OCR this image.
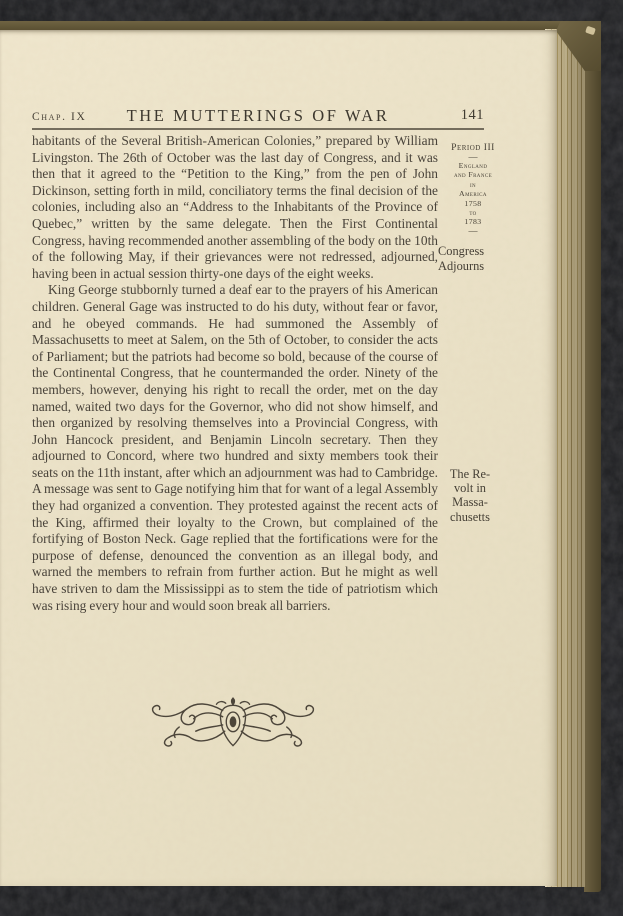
Chap. IX	THE MUTTERINGS OF WAR	141

habitants of the Several British-American Colonies,” prepared by William Livingston. The 26th of October was the last day of Congress, and it was then that it agreed to the “Petition to the King,” from the pen of John Dickinson, setting forth in mild, conciliatory terms the final decision of the colonies, including also an “Address to the Inhabitants of the Province of Quebec,” written by the same delegate. Then the First Continental Congress, having recommended another assembling of the body on the 10th of the following May, if their grievances were not redressed, adjourned, having been in actual session thirty-one days of the eight weeks.

King George stubbornly turned a deaf ear to the prayers of his American children. General Gage was instructed to do his duty, without fear or favor, and he obeyed commands. He had summoned the Assembly of Massachusetts to meet at Salem, on the 5th of October, to consider the acts of Parliament; but the patriots had become so bold, because of the course of the Continental Congress, that he countermanded the order. Ninety of the members, however, denying his right to recall the order, met on the day named, waited two days for the Governor, who did not show himself, and then organized by resolving themselves into a Provincial Congress, with John Hancock president, and Benjamin Lincoln secretary. Then they adjourned to Concord, where two hundred and sixty members took their seats on the 11th instant, after which an adjournment was had to Cambridge. A message was sent to Gage notifying him that for want of a legal Assembly they had organized a convention. They protested against the recent acts of the King, affirmed their loyalty to the Crown, but complained of the fortifying of Boston Neck. Gage replied that the fortifications were for the purpose of defense, denounced the convention as an illegal body, and warned the members to refrain from further action. But he might as well have striven to dam the Mississippi as to stem the tide of patriotism which was rising every hour and would soon break all barriers.

Period III
—
England
and France
in
America
1758
to
1783
—
Congress
Adjourns
The Re-
volt in
Massa-
chusetts
